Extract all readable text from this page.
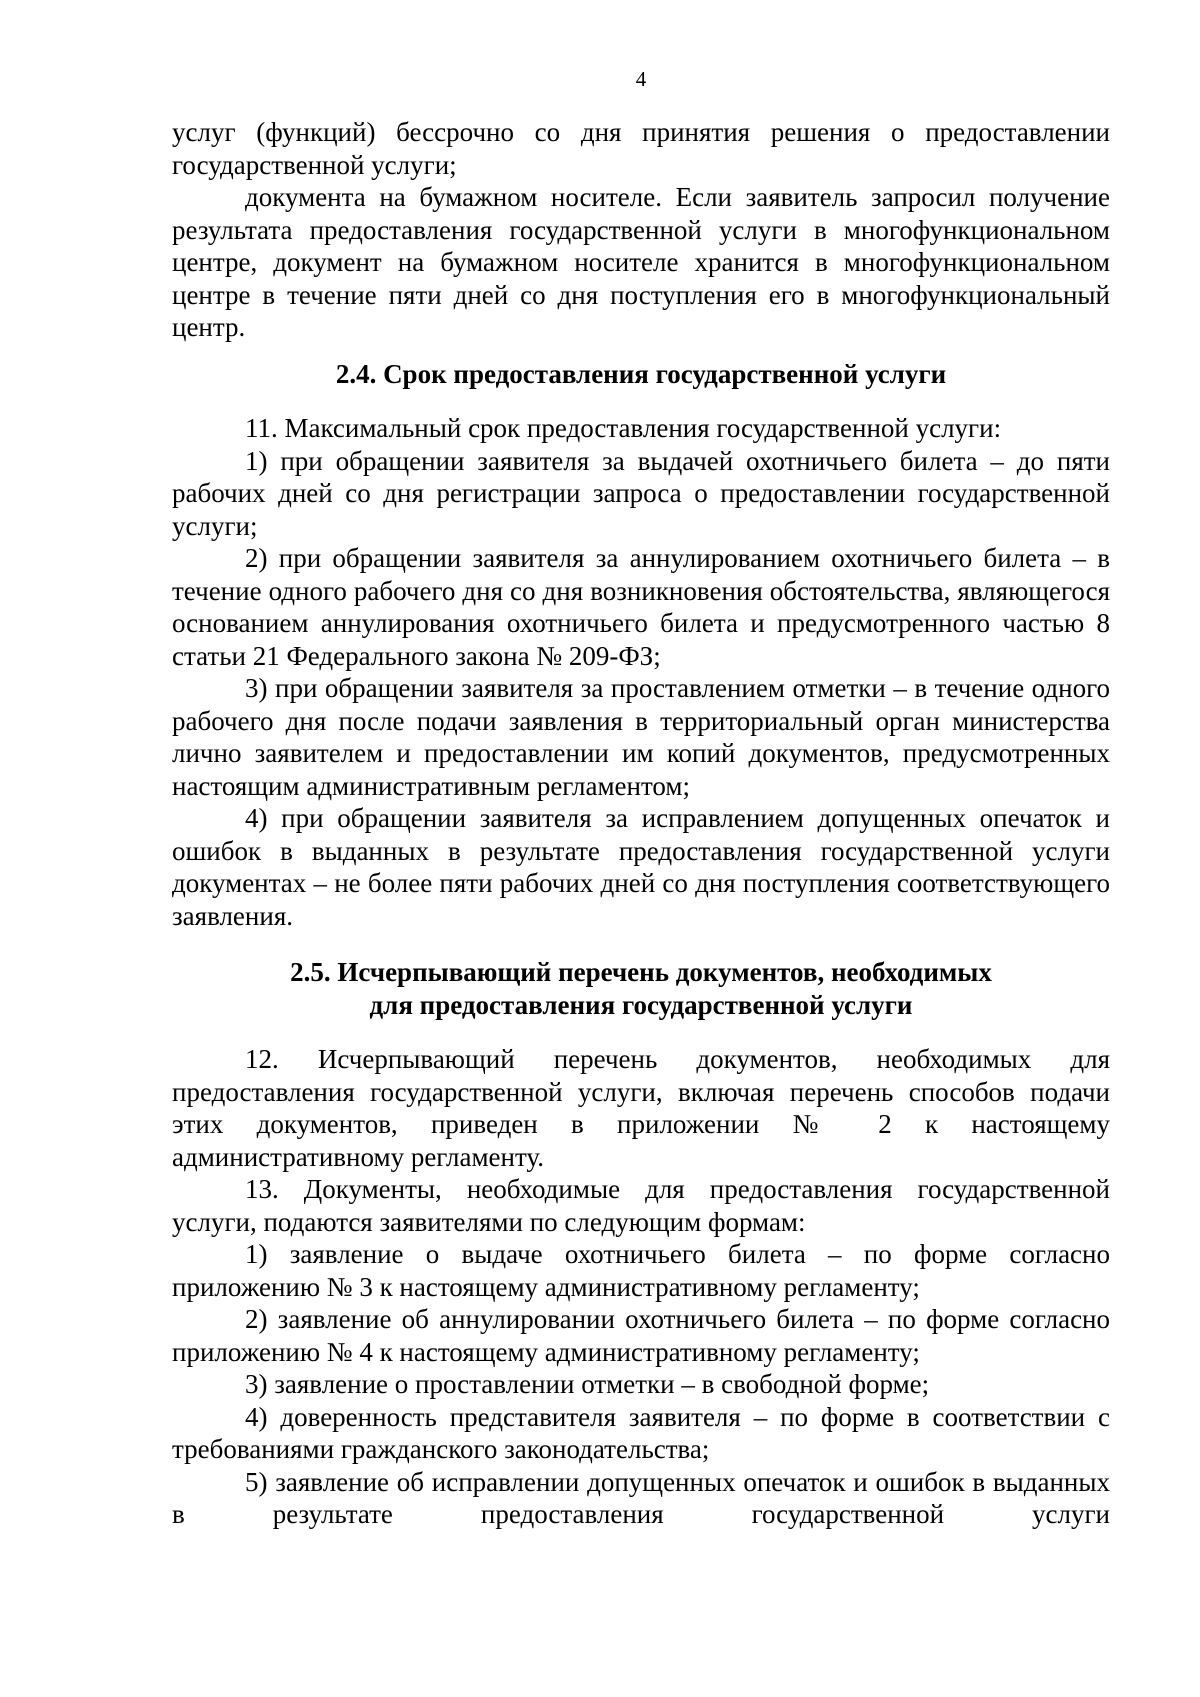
4

услуг (функций) бессрочно со дня принятия решения о предоставлении государственной услуги;

документа на бумажном носителе. Если заявитель запросил получение результата предоставления государственной услуги в многофункциональном центре, документ на бумажном носителе хранится в многофункциональном центре в течение пяти дней со дня поступления его в многофункциональный центр.

2.4. Срок предоставления государственной услуги

11. Максимальный срок предоставления государственной услуги:

1) при обращении заявителя за выдачей охотничьего билета – до пяти рабочих дней со дня регистрации запроса о предоставлении государственной услуги;

2) при обращении заявителя за аннулированием охотничьего билета – в течение одного рабочего дня со дня возникновения обстоятельства, являющегося основанием аннулирования охотничьего билета и предусмотренного частью 8 статьи 21 Федерального закона № 209-ФЗ;

3) при обращении заявителя за проставлением отметки – в течение одного рабочего дня после подачи заявления в территориальный орган министерства лично заявителем и предоставлении им копий документов, предусмотренных настоящим административным регламентом;

4) при обращении заявителя за исправлением допущенных опечаток и ошибок в выданных в результате предоставления государственной услуги документах – не более пяти рабочих дней со дня поступления соответствующего заявления.

2.5. Исчерпывающий перечень документов, необходимых
для предоставления государственной услуги

12. Исчерпывающий перечень документов, необходимых для предоставления государственной услуги, включая перечень способов подачи этих документов, приведен в приложении № 2 к настоящему административному регламенту.

13. Документы, необходимые для предоставления государственной услуги, подаются заявителями по следующим формам:

1) заявление о выдаче охотничьего билета – по форме согласно приложению № 3 к настоящему административному регламенту;

2) заявление об аннулировании охотничьего билета – по форме согласно приложению № 4 к настоящему административному регламенту;

3) заявление о проставлении отметки – в свободной форме;

4) доверенность представителя заявителя – по форме в соответствии с требованиями гражданского законодательства;

5) заявление об исправлении допущенных опечаток и ошибок в выданных в результате предоставления государственной услуги
